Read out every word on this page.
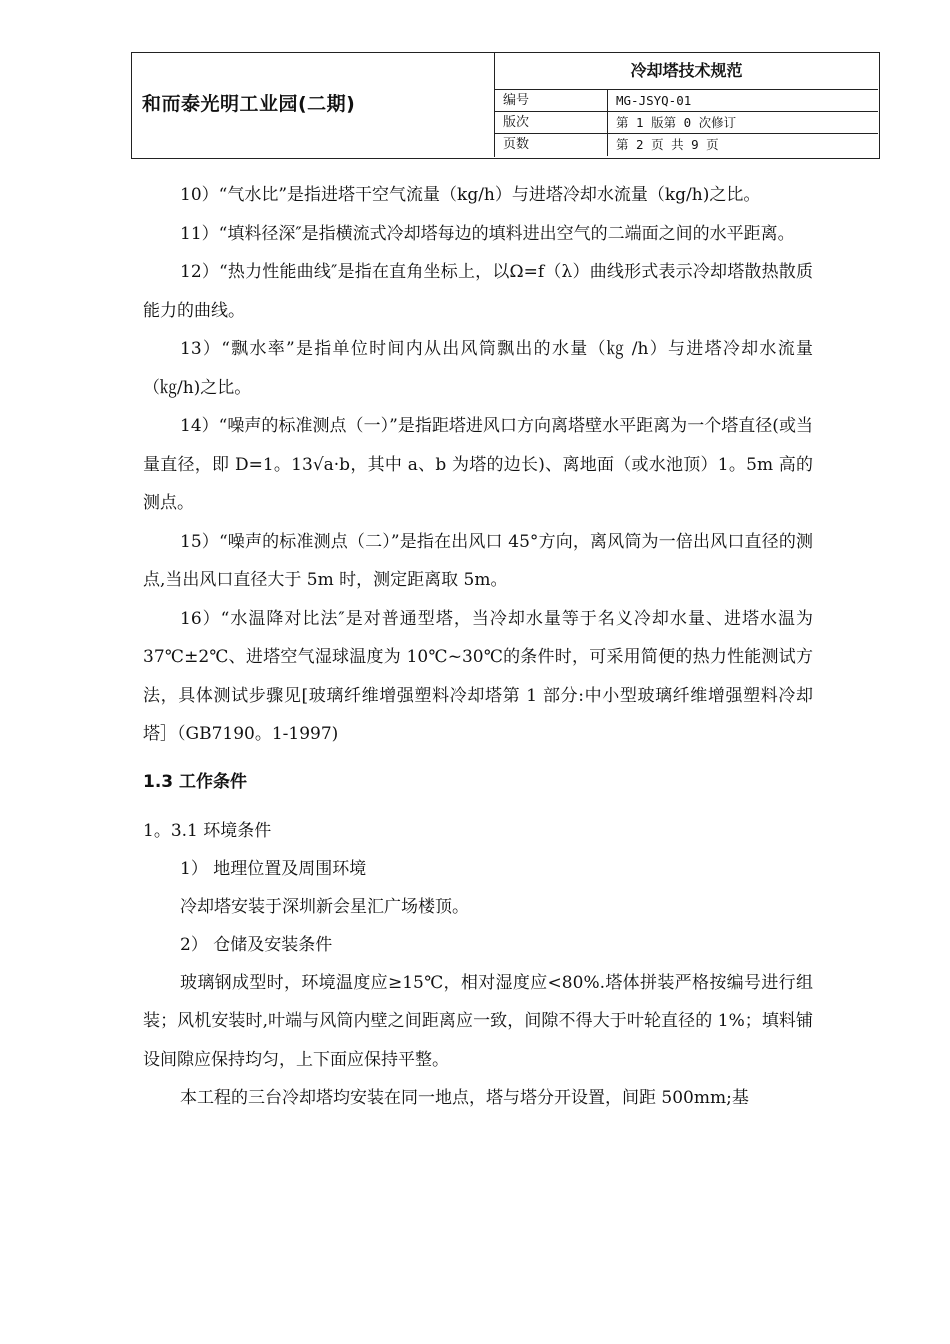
和而泰光明工业园(二期)
冷却塔技术规范
编号	MG-JSYQ-01
版次	第 1 版第 0 次修订
页数	第 2 页 共 9 页

10）“气水比”是指进塔干空气流量（kg/h）与进塔冷却水流量（kg/h)之比。

11）“填料径深″是指横流式冷却塔每边的填料进出空气的二端面之间的水平距离。

12）“热力性能曲线″是指在直角坐标上，以Ω=f（λ）曲线形式表示冷却塔散热散质能力的曲线。

13）“飘水率”是指单位时间内从出风筒飘出的水量（㎏ /h）与进塔冷却水流量（㎏/h)之比。

14）“噪声的标准测点（一）”是指距塔进风口方向离塔壁水平距离为一个塔直径(或当量直径，即 D=1。13√a·b，其中 a、b 为塔的边长)、离地面（或水池顶）1。5m 高的测点。

15）“噪声的标准测点（二）”是指在出风口 45°方向，离风筒为一倍出风口直径的测点,当出风口直径大于 5m 时，测定距离取 5m。

16）“水温降对比法″是对普通型塔，当冷却水量等于名义冷却水量、进塔水温为 37℃±2℃、进塔空气湿球温度为 10℃~30℃的条件时，可采用简便的热力性能测试方法，具体测试步骤见[玻璃纤维增强塑料冷却塔第 1 部分:中小型玻璃纤维增强塑料冷却塔］（GB7190。1-1997)

1.3 工作条件
1。3.1 环境条件
1） 地理位置及周围环境
冷却塔安装于深圳新会星汇广场楼顶。
2） 仓储及安装条件

玻璃钢成型时，环境温度应≥15℃，相对湿度应<80%.塔体拼装严格按编号进行组装；风机安装时,叶端与风筒内壁之间距离应一致，间隙不得大于叶轮直径的 1%；填料铺设间隙应保持均匀，上下面应保持平整。

本工程的三台冷却塔均安装在同一地点，塔与塔分开设置，间距 500mm;基
